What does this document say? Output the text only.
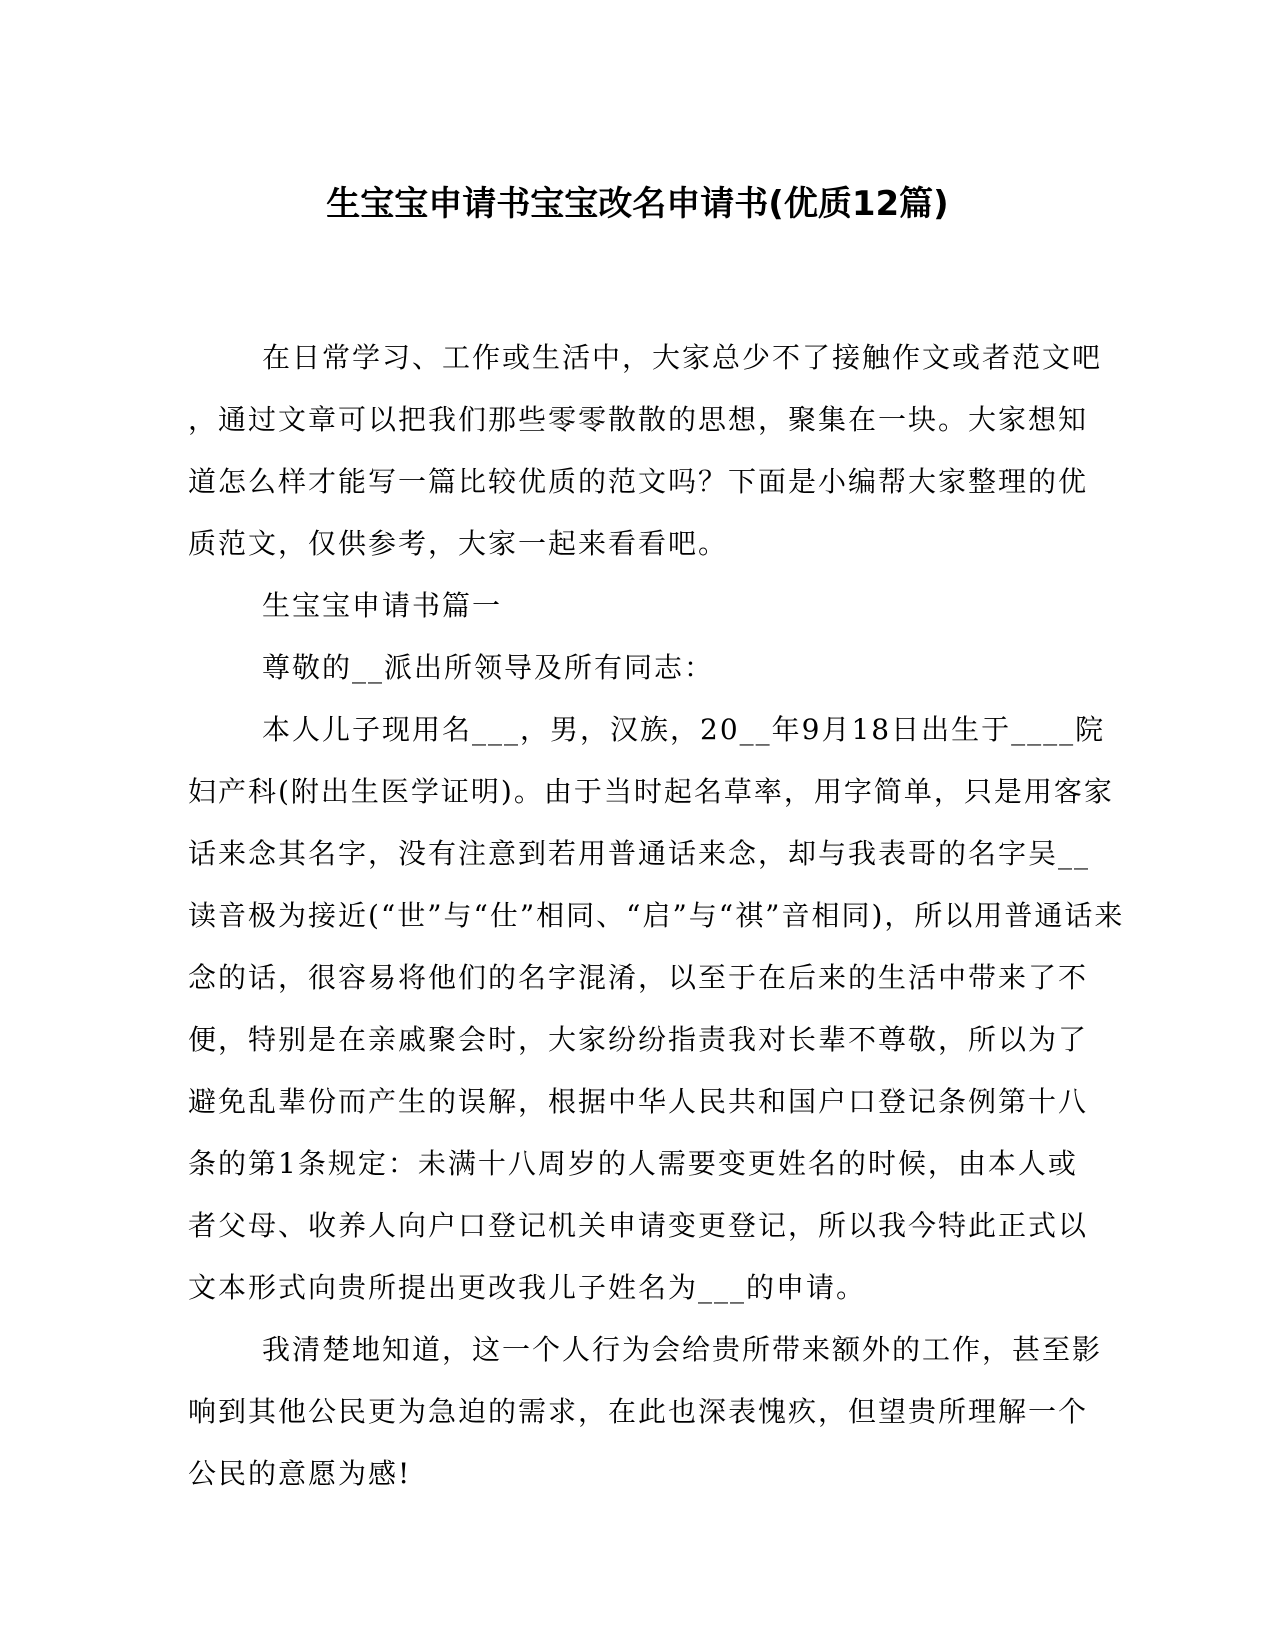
生宝宝申请书宝宝改名申请书(优质12篇)

在日常学习、工作或生活中，大家总少不了接触作文或者范文吧
，通过文章可以把我们那些零零散散的思想，聚集在一块。大家想知
道怎么样才能写一篇比较优质的范文吗？下面是小编帮大家整理的优
质范文，仅供参考，大家一起来看看吧。

生宝宝申请书篇一

尊敬的__派出所领导及所有同志：

本人儿子现用名___，男，汉族，20__年9月18日出生于____院
妇产科(附出生医学证明)。由于当时起名草率，用字简单，只是用客家
话来念其名字，没有注意到若用普通话来念，却与我表哥的名字吴__
读音极为接近(“世”与“仕”相同、“启”与“祺”音相同)，所以用普通话来
念的话，很容易将他们的名字混淆，以至于在后来的生活中带来了不
便，特别是在亲戚聚会时，大家纷纷指责我对长辈不尊敬，所以为了
避免乱辈份而产生的误解，根据中华人民共和国户口登记条例第十八
条的第1条规定：未满十八周岁的人需要变更姓名的时候，由本人或
者父母、收养人向户口登记机关申请变更登记，所以我今特此正式以
文本形式向贵所提出更改我儿子姓名为___的申请。

我清楚地知道，这一个人行为会给贵所带来额外的工作，甚至影
响到其他公民更为急迫的需求，在此也深表愧疚，但望贵所理解一个
公民的意愿为感!
